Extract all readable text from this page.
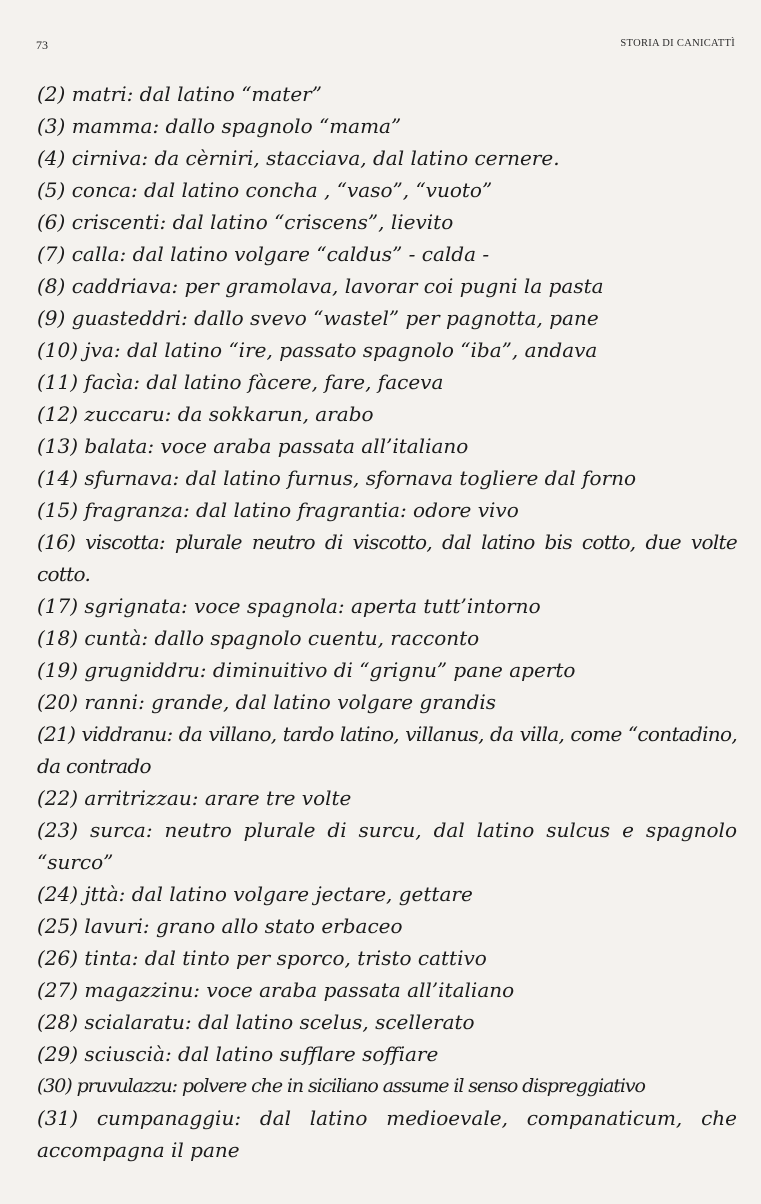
73	STORIA DI CANICATTÌ
(2) matri: dal latino “mater”
(3) mamma: dallo spagnolo “mama”
(4) cirniva: da cèrniri, stacciava, dal latino cernere.
(5) conca: dal latino concha , “vaso”, “vuoto”
(6) criscenti: dal latino “criscens”, lievito
(7) calla: dal latino volgare “caldus” - calda -
(8) caddriava: per gramolava, lavorar coi pugni la pasta
(9) guasteddri: dallo svevo “wastel” per pagnotta, pane
(10) jva: dal latino “ire, passato spagnolo “iba”, andava
(11) facìa: dal latino fàcere, fare, faceva
(12) zuccaru: da sokkarun, arabo
(13) balata: voce araba passata all’italiano
(14) sfurnava: dal latino furnus, sfornava togliere dal forno
(15) fragranza: dal latino fragrantia: odore vivo
(16) viscotta: plurale neutro di viscotto, dal latino bis cotto, due volte cotto.
(17) sgrignata: voce spagnola: aperta tutt’intorno
(18) cuntà: dallo spagnolo cuentu, racconto
(19) grugniddru: diminuitivo di “grignu” pane aperto
(20) ranni: grande, dal latino volgare grandis
(21) viddranu: da villano, tardo latino, villanus, da villa, come “contadino, da contrado
(22) arritrizzau: arare tre volte
(23) surca: neutro plurale di surcu, dal latino sulcus e spagnolo “surco”
(24) jttà: dal latino volgare jectare, gettare
(25) lavuri: grano allo stato erbaceo
(26) tinta: dal tinto per sporco, tristo cattivo
(27) magazzinu: voce araba passata all’italiano
(28) scialaratu: dal latino scelus, scellerato
(29) sciuscià: dal latino sufflare soffiare
(30) pruvulazzu: polvere che in siciliano assume il senso dispreggiativo
(31) cumpanaggiu: dal latino medioevale, companaticum, che accompagna il pane
